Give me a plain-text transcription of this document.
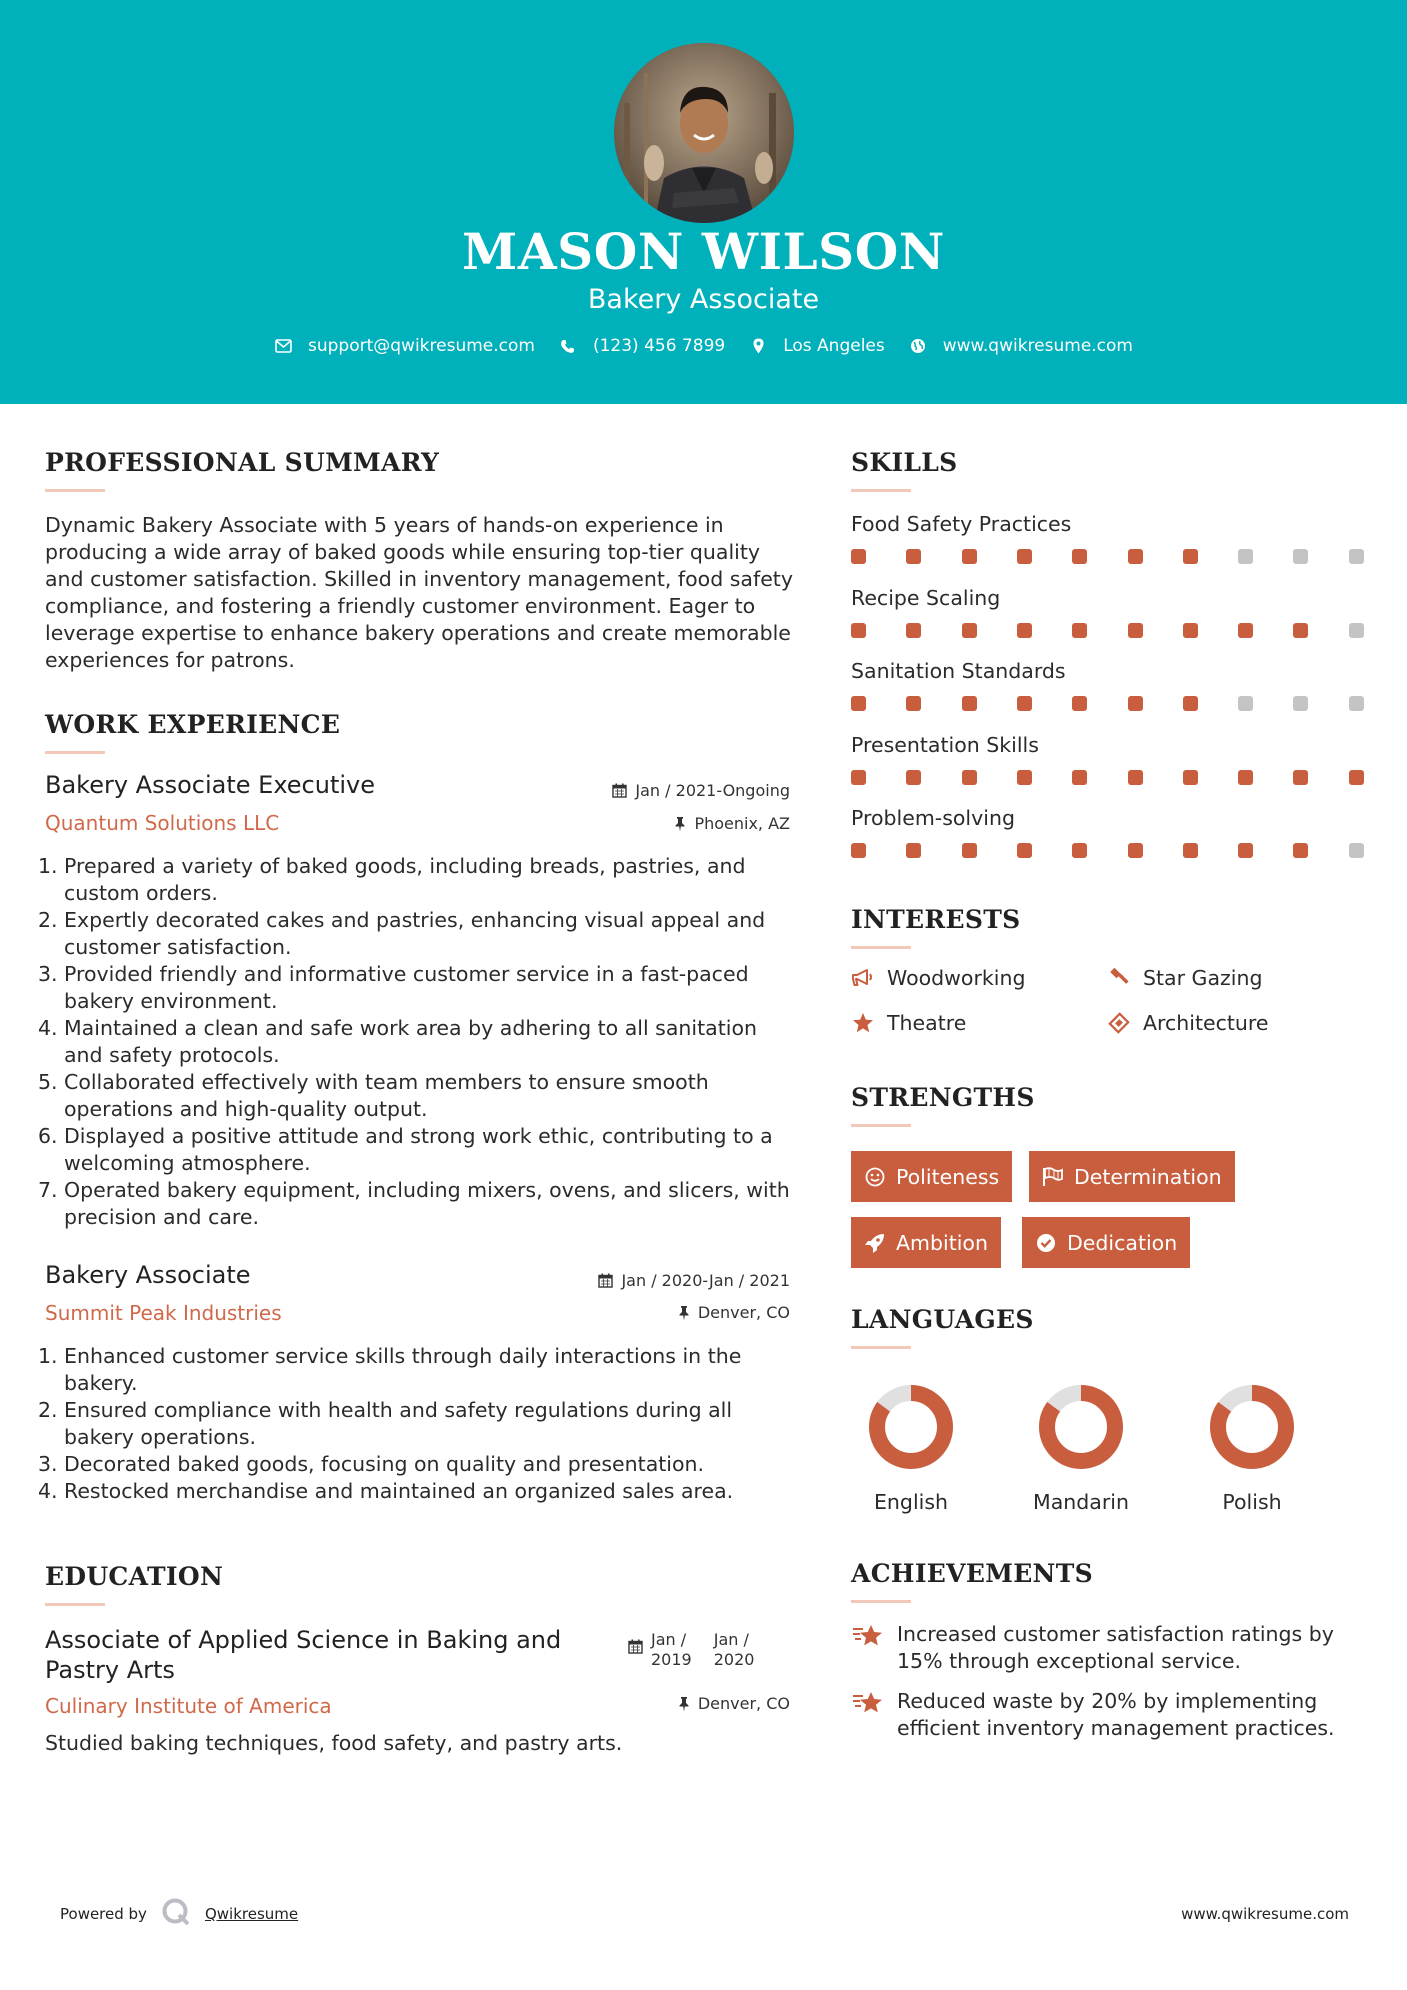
MASON WILSON
Bakery Associate
support@qwikresume.com	(123) 456 7899	Los Angeles	www.qwikresume.com
PROFESSIONAL SUMMARY
Dynamic Bakery Associate with 5 years of hands-on experience in producing a wide array of baked goods while ensuring top-tier quality and customer satisfaction. Skilled in inventory management, food safety compliance, and fostering a friendly customer environment. Eager to leverage expertise to enhance bakery operations and create memorable experiences for patrons.
WORK EXPERIENCE
Bakery Associate Executive	Jan / 2021-Ongoing
Quantum Solutions LLC	Phoenix, AZ
1. Prepared a variety of baked goods, including breads, pastries, and custom orders.
2. Expertly decorated cakes and pastries, enhancing visual appeal and customer satisfaction.
3. Provided friendly and informative customer service in a fast-paced bakery environment.
4. Maintained a clean and safe work area by adhering to all sanitation and safety protocols.
5. Collaborated effectively with team members to ensure smooth operations and high-quality output.
6. Displayed a positive attitude and strong work ethic, contributing to a welcoming atmosphere.
7. Operated bakery equipment, including mixers, ovens, and slicers, with precision and care.
Bakery Associate	Jan / 2020-Jan / 2021
Summit Peak Industries	Denver, CO
1. Enhanced customer service skills through daily interactions in the bakery.
2. Ensured compliance with health and safety regulations during all bakery operations.
3. Decorated baked goods, focusing on quality and presentation.
4. Restocked merchandise and maintained an organized sales area.
EDUCATION
Associate of Applied Science in Baking and Pastry Arts
Jan /
2019
Jan /
2020
Culinary Institute of America	Denver, CO
Studied baking techniques, food safety, and pastry arts.
SKILLS
Food Safety Practices
Recipe Scaling
Sanitation Standards
Presentation Skills
Problem-solving
INTERESTS
Woodworking	Star Gazing
Theatre	Architecture
STRENGTHS
Politeness	Determination
Ambition	Dedication
LANGUAGES
English	Mandarin	Polish
ACHIEVEMENTS
Increased customer satisfaction ratings by 15% through exceptional service.
Reduced waste by 20% by implementing efficient inventory management practices.
Powered by	Qwikresume	www.qwikresume.com
